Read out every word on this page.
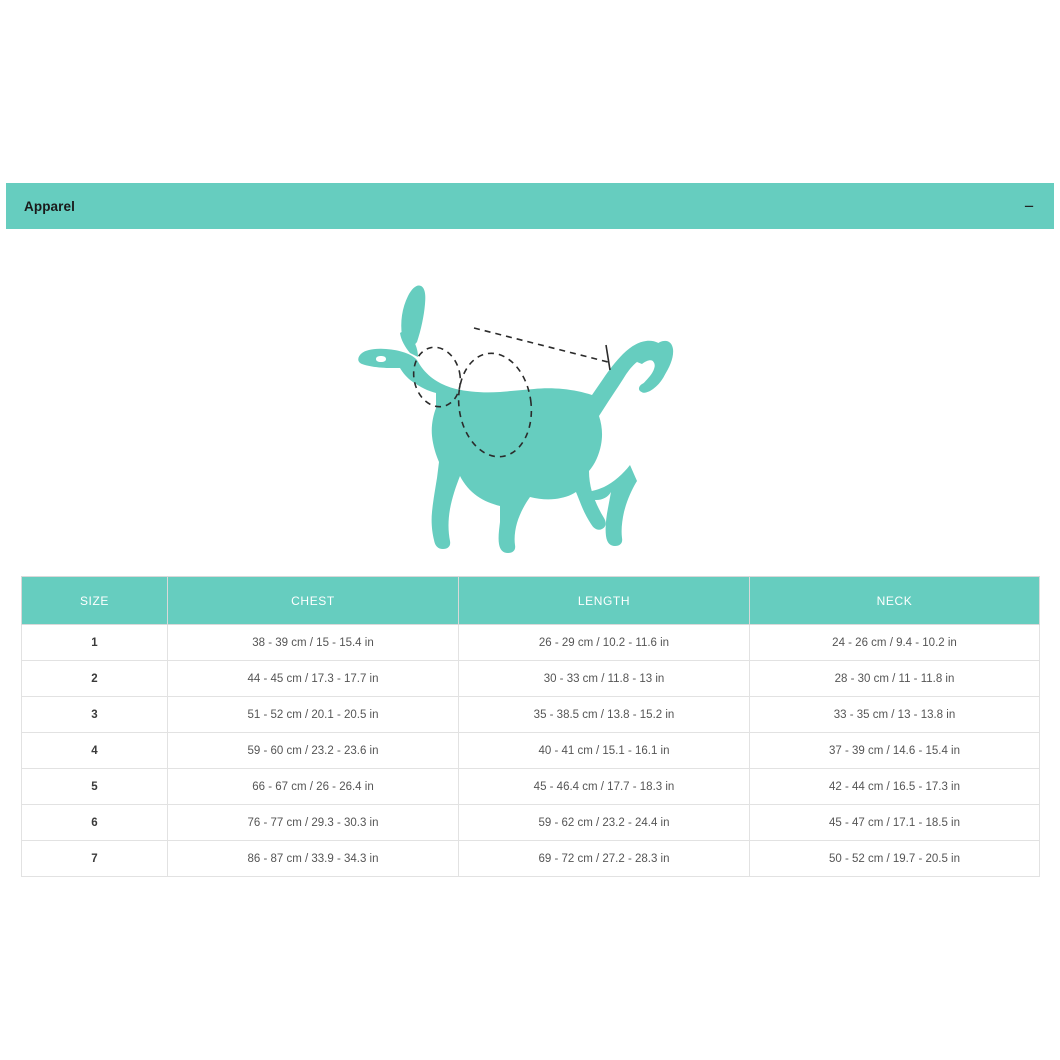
Apparel	−
SIZE	CHEST	LENGTH	NECK
1	38 - 39 cm / 15 - 15.4 in	26 - 29 cm / 10.2 - 11.6 in	24 - 26 cm / 9.4 - 10.2 in
2	44 - 45 cm / 17.3 - 17.7 in	30 - 33 cm / 11.8 - 13 in	28 - 30 cm / 11 - 11.8 in
3	51 - 52 cm / 20.1 - 20.5 in	35 - 38.5 cm / 13.8 - 15.2 in	33 - 35 cm / 13 - 13.8 in
4	59 - 60 cm / 23.2 - 23.6 in	40 - 41 cm / 15.1 - 16.1 in	37 - 39 cm / 14.6 - 15.4 in
5	66 - 67 cm / 26 - 26.4 in	45 - 46.4 cm / 17.7 - 18.3 in	42 - 44 cm / 16.5 - 17.3 in
6	76 - 77 cm / 29.3 - 30.3 in	59 - 62 cm / 23.2 - 24.4 in	45 - 47 cm / 17.1 - 18.5 in
7	86 - 87 cm / 33.9 - 34.3 in	69 - 72 cm / 27.2 - 28.3 in	50 - 52 cm / 19.7 - 20.5 in
